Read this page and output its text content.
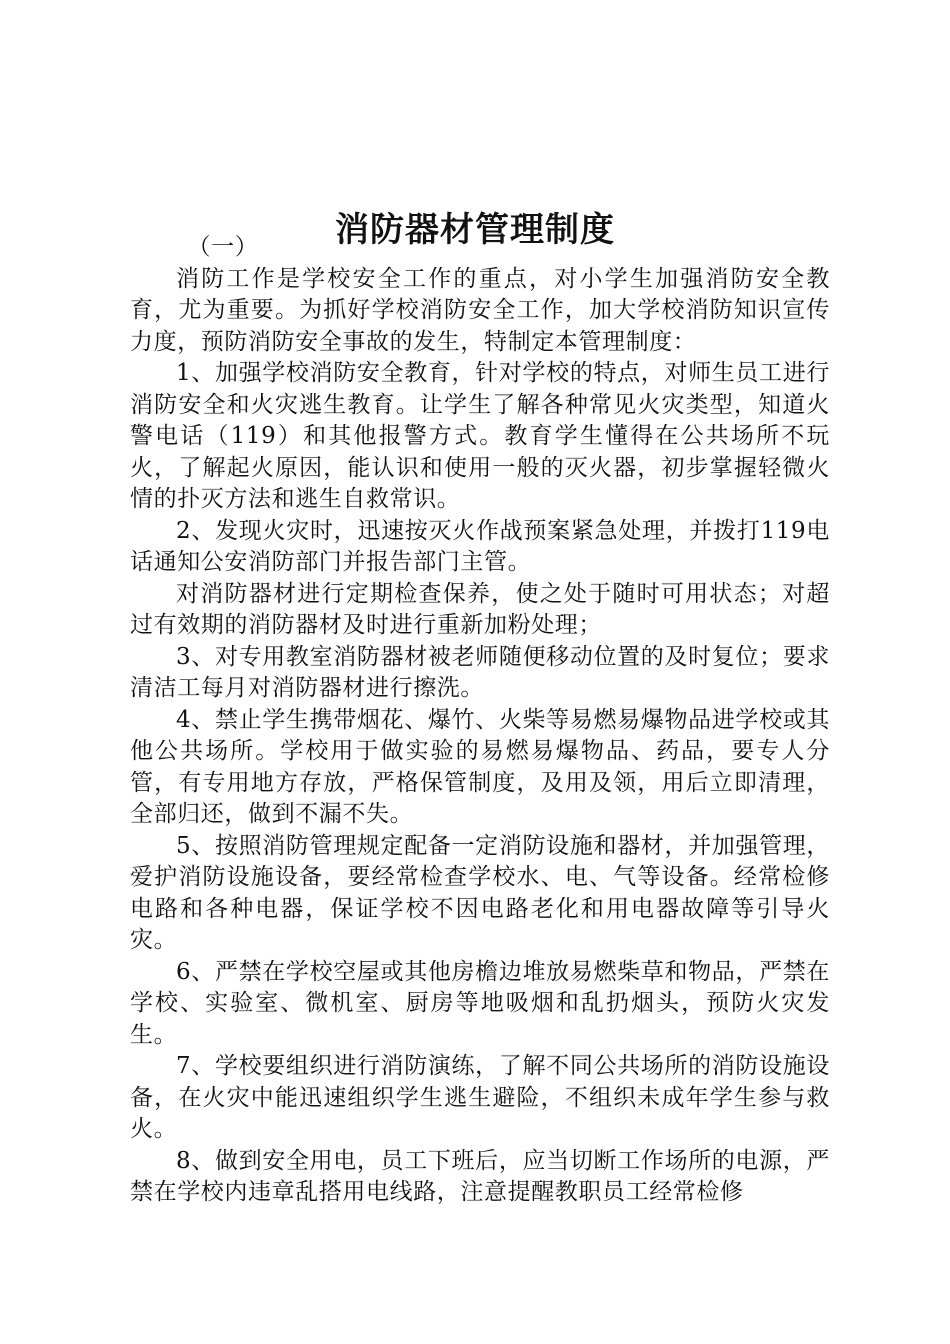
消防器材管理制度

（一）

消防工作是学校安全工作的重点，对小学生加强消防安全教育，尤为重要。为抓好学校消防安全工作，加大学校消防知识宣传力度，预防消防安全事故的发生，特制定本管理制度：

1、加强学校消防安全教育，针对学校的特点，对师生员工进行消防安全和火灾逃生教育。让学生了解各种常见火灾类型，知道火警电话（119）和其他报警方式。教育学生懂得在公共场所不玩火，了解起火原因，能认识和使用一般的灭火器，初步掌握轻微火情的扑灭方法和逃生自救常识。

2、发现火灾时，迅速按灭火作战预案紧急处理，并拨打119电话通知公安消防部门并报告部门主管。

对消防器材进行定期检查保养，使之处于随时可用状态；对超过有效期的消防器材及时进行重新加粉处理；

3、对专用教室消防器材被老师随便移动位置的及时复位；要求清洁工每月对消防器材进行擦洗。

4、禁止学生携带烟花、爆竹、火柴等易燃易爆物品进学校或其他公共场所。学校用于做实验的易燃易爆物品、药品，要专人分管，有专用地方存放，严格保管制度，及用及领，用后立即清理，全部归还，做到不漏不失。

5、按照消防管理规定配备一定消防设施和器材，并加强管理，爱护消防设施设备，要经常检查学校水、电、气等设备。经常检修电路和各种电器，保证学校不因电路老化和用电器故障等引导火灾。

6、严禁在学校空屋或其他房檐边堆放易燃柴草和物品，严禁在学校、实验室、微机室、厨房等地吸烟和乱扔烟头，预防火灾发生。

7、学校要组织进行消防演练，了解不同公共场所的消防设施设备，在火灾中能迅速组织学生逃生避险，不组织未成年学生参与救火。

8、做到安全用电，员工下班后，应当切断工作场所的电源，严禁在学校内违章乱搭用电线路，注意提醒教职员工经常检修
